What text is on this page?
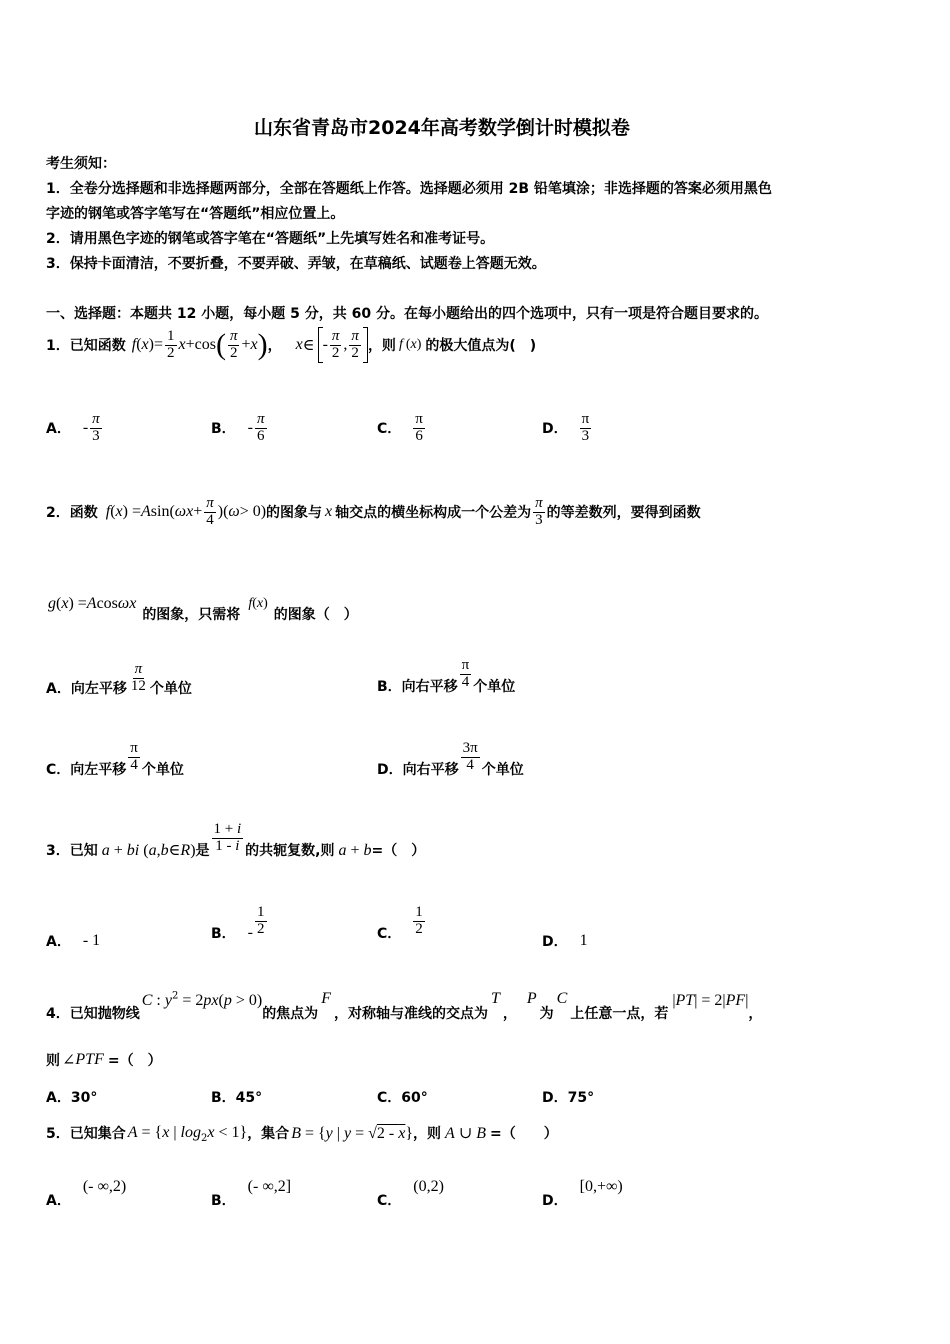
山东省青岛市2024年高考数学倒计时模拟卷
考生须知：
1．全卷分选择题和非选择题两部分，全部在答题纸上作答。选择题必须用 2B 铅笔填涂；非选择题的答案必须用黑色
字迹的钢笔或答字笔写在“答题纸”相应位置上。
2．请用黑色字迹的钢笔或答字笔在“答题纸”上先填写姓名和准考证号。
3．保持卡面清洁，不要折叠，不要弄破、弄皱，在草稿纸、试题卷上答题无效。
一、选择题：本题共 12 小题，每小题 5 分，共 60 分。在每小题给出的四个选项中，只有一项是符合题目要求的。
1．已知函数 f ( x )= $\frac{1}{2}$ x +cos ( $\frac{\pi}{2} + x$ ) ， x ∈ - $\frac{\pi}{2}$ , $\frac{\pi}{2}$ ，则 f ( x ) 的极大值点为(　)
A． - $\frac{\pi}{3}$	B． - $\frac{\pi}{6}$	C． $\frac{\pi}{6}$	D． $\frac{\pi}{3}$
2．函数 f ( x ) = A sin( $\omega x + \frac{\pi}{4}$ )( ω > 0) 的图象与 x 轴交点的横坐标构成一个公差为 $\frac{\pi}{3}$ 的等差数列，要得到函数
g ( x ) = A cos ωx
的图象，只需将
f ( x )
的图象（　）
A．向左平移 $\frac{\pi}{12}$ 个单位	B．向右平移 $\frac{\pi}{4}$ 个单位
C．向左平移 $\frac{\pi}{4}$ 个单位	D．向右平移 $\frac{3\pi}{4}$ 个单位
3．已知 a + bi (a,b∈R) 是 $\frac{1 + i}{1 - i}$ 的共轭复数,则 a + b =（　）
A． - 1	B． - $\frac{1}{2}$	C． $\frac{1}{2}$
D． 1
4．已知抛物线
C : $y^2 = 2px(p > 0)$
的焦点为
F
，对称轴与准线的交点为
T
，
P
为
C
上任意一点，若
|PT| = 2|PF|
，
则 ∠ PTF =（　）
A．30°	B．45°	C．60°	D．75°
5．已知集合 A = {x | $\log_2x < 1$} ，集合 B = {y | y = √2 - x} ，则 A ∪ B =（　　）
A．
(- ∞,2)
B．
(- ∞,2]
C．
(0,2)
D．
[0,+∞)
